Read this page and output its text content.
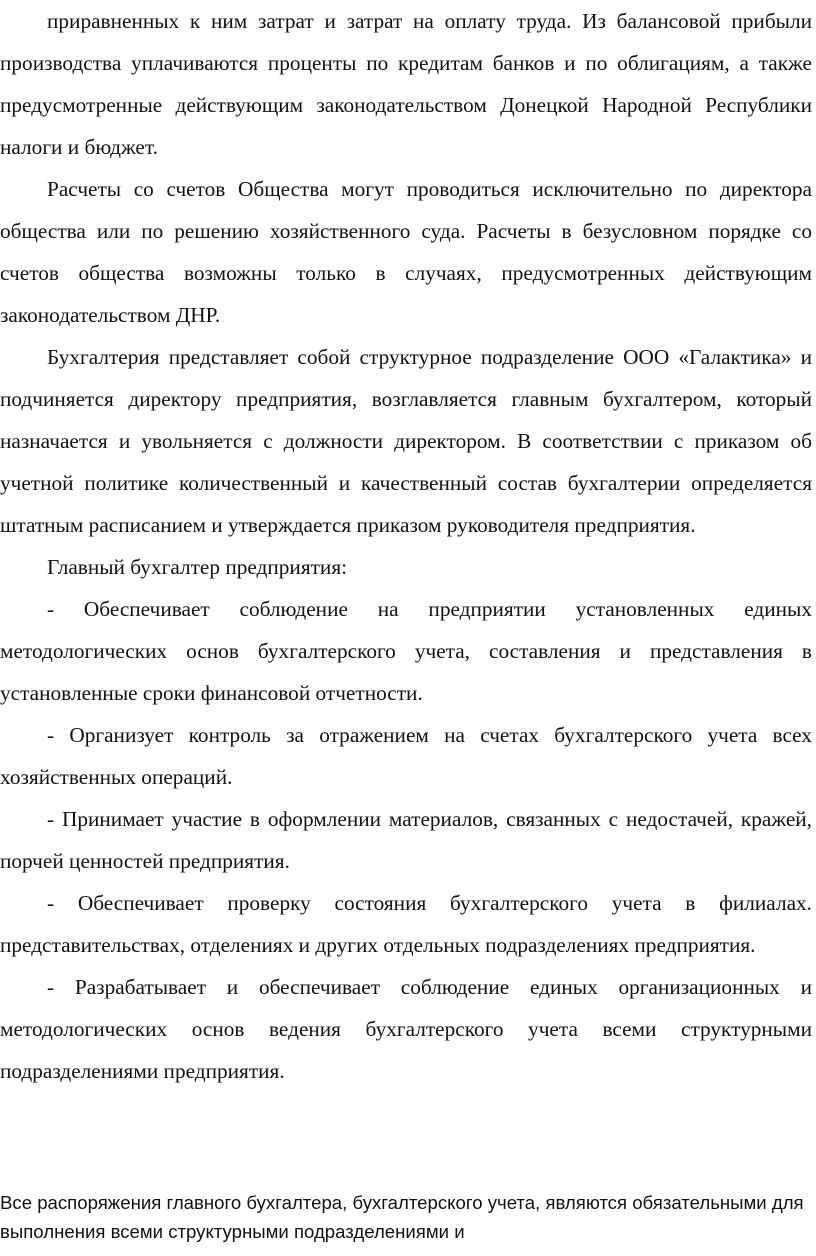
приравненных к ним затрат и затрат на оплату труда. Из балансовой прибыли производства уплачиваются проценты по кредитам банков и по облигациям, а также предусмотренные действующим законодательством Донецкой Народной Республики налоги и бюджет.

Расчеты со счетов Общества могут проводиться исключительно по директора общества или по решению хозяйственного суда. Расчеты в безусловном порядке со счетов общества возможны только в случаях, предусмотренных действующим законодательством ДНР.

Бухгалтерия представляет собой структурное подразделение ООО «Галактика» и подчиняется директору предприятия, возглавляется главным бухгалтером, который назначается и увольняется с должности директором. В соответствии с приказом об учетной политике количественный и качественный состав бухгалтерии определяется штатным расписанием и утверждается приказом руководителя предприятия.

Главный бухгалтер предприятия:

- Обеспечивает соблюдение на предприятии установленных единых методологических основ бухгалтерского учета, составления и представления в установленные сроки финансовой отчетности.

- Организует контроль за отражением на счетах бухгалтерского учета всех хозяйственных операций.

- Принимает участие в оформлении материалов, связанных с недостачей, кражей, порчей ценностей предприятия.

- Обеспечивает проверку состояния бухгалтерского учета в филиалах. представительствах, отделениях и других отдельных подразделениях предприятия.

- Разрабатывает и обеспечивает соблюдение единых организационных и методологических основ ведения бухгалтерского учета всеми структурными подразделениями предприятия.

Все распоряжения главного бухгалтера, бухгалтерского учета, являются обязательными для выполнения всеми структурными подразделениями и
